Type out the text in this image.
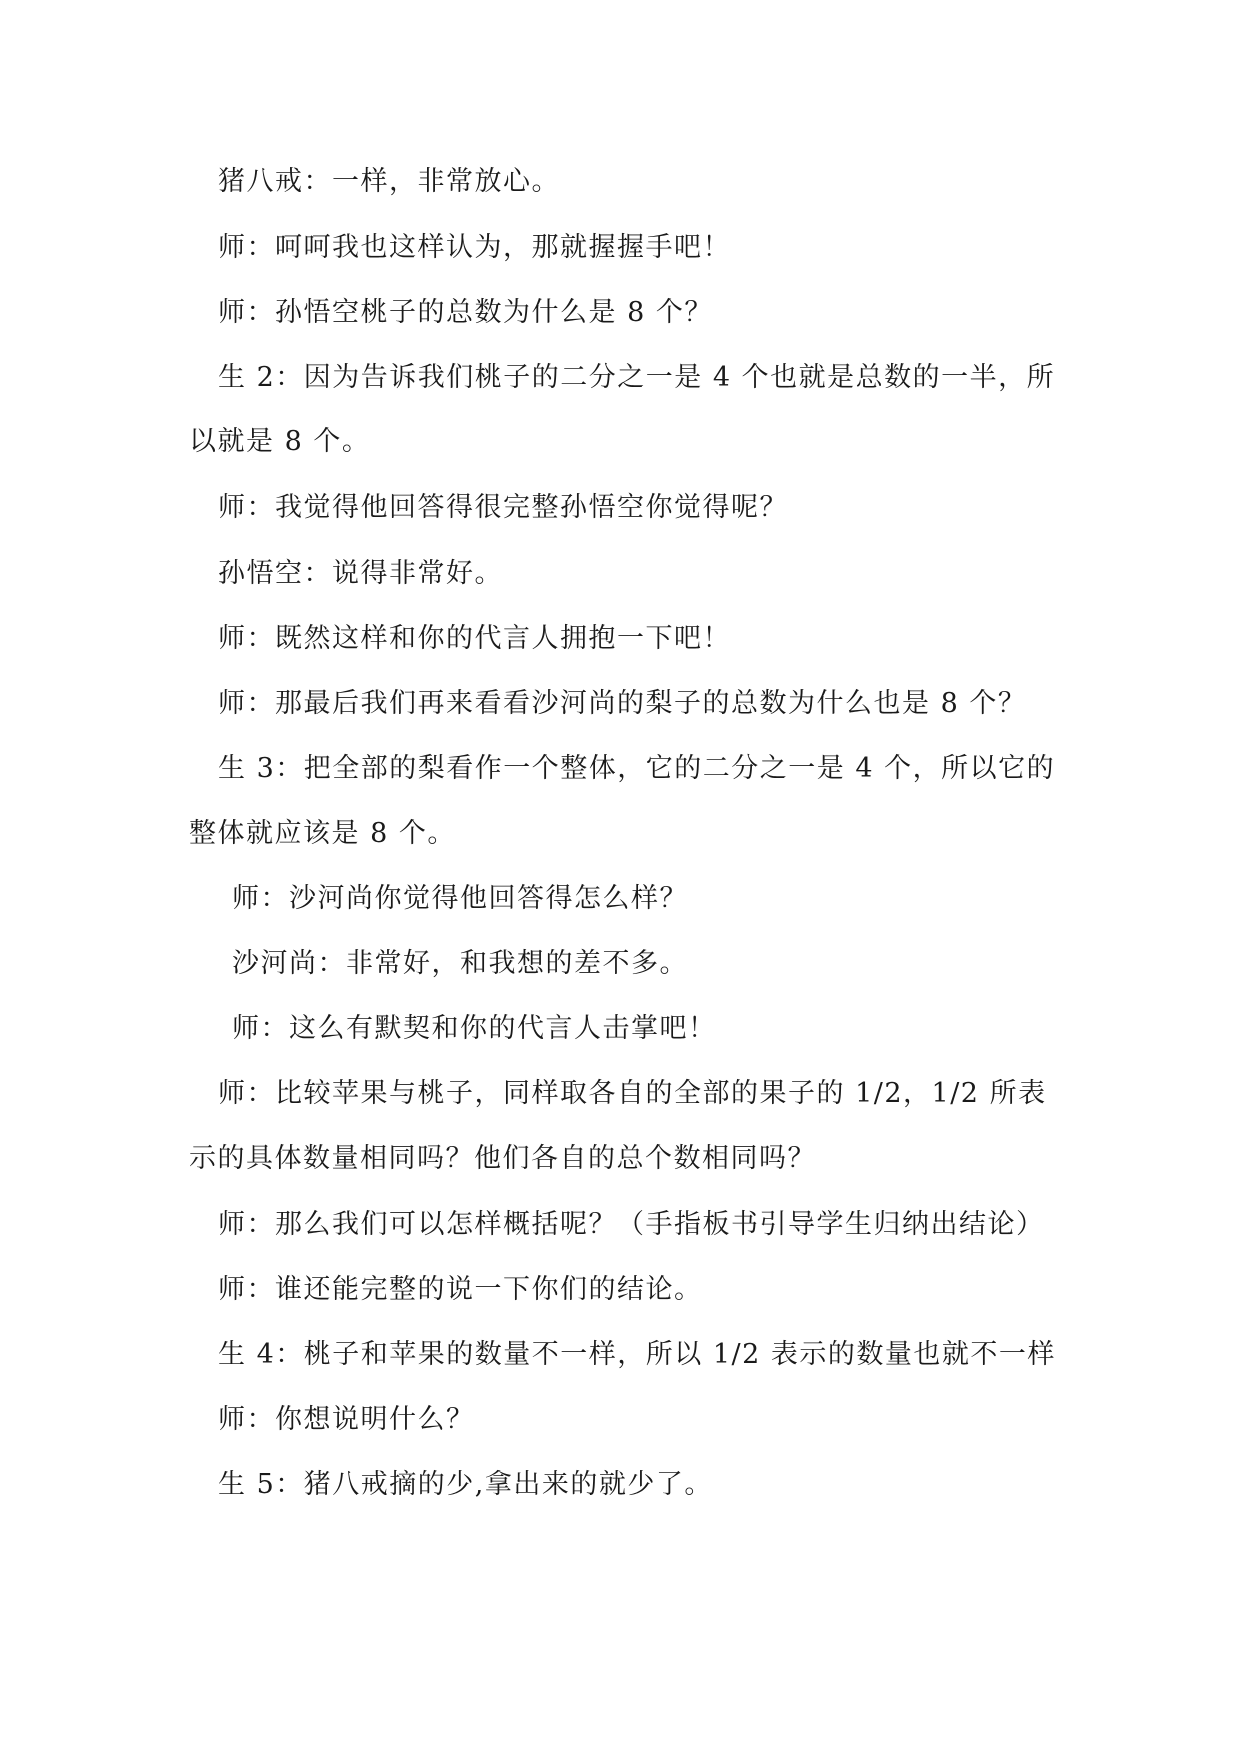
猪八戒：一样，非常放心。
师：呵呵我也这样认为，那就握握手吧！
师：孙悟空桃子的总数为什么是 8 个？
生 2：因为告诉我们桃子的二分之一是 4 个也就是总数的一半，所
以就是 8 个。
师：我觉得他回答得很完整孙悟空你觉得呢？
孙悟空：说得非常好。
师：既然这样和你的代言人拥抱一下吧！
师：那最后我们再来看看沙河尚的梨子的总数为什么也是 8 个？
生 3：把全部的梨看作一个整体，它的二分之一是 4 个，所以它的
整体就应该是 8 个。
师：沙河尚你觉得他回答得怎么样？
沙河尚：非常好，和我想的差不多。
师：这么有默契和你的代言人击掌吧！
师：比较苹果与桃子，同样取各自的全部的果子的 1/2，1/2 所表
示的具体数量相同吗？他们各自的总个数相同吗？
师：那么我们可以怎样概括呢？（手指板书引导学生归纳出结论）
师：谁还能完整的说一下你们的结论。
生 4：桃子和苹果的数量不一样，所以 1/2 表示的数量也就不一样
师：你想说明什么？
生 5：猪八戒摘的少,拿出来的就少了。
